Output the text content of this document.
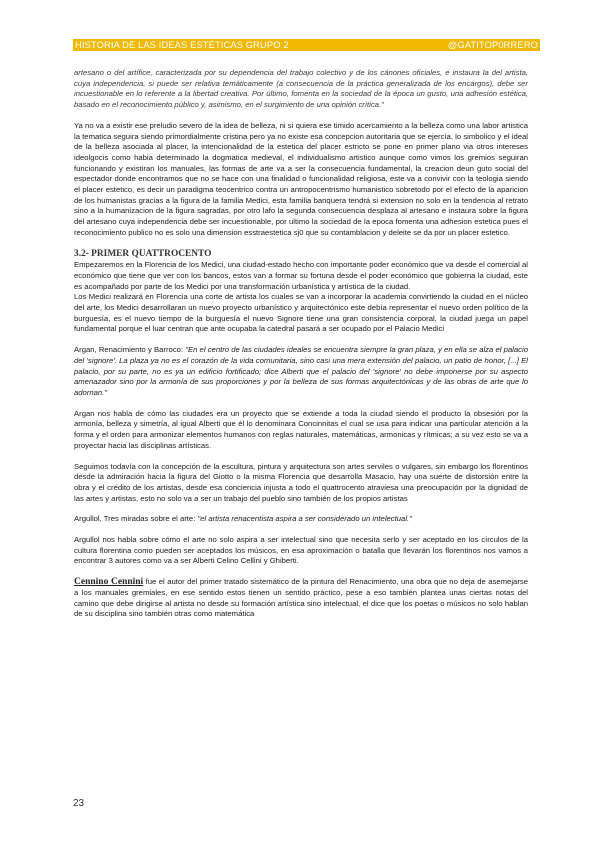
HISTORIA DE LAS IDEAS ESTÉTICAS GRUPO 2	@GATITOP0RRERO

artesano o del artífice, caracterizada por su dependencia del trabajo colectivo y de los cánones oficiales, e instaura la del artista, cuya independencia, si puede ser relativa temáticamente (a consecuencia de la práctica generalizada de los encargos), debe ser incuestionable en lo referente a la libertad creativa. Por último, fomenta en la sociedad de la época un gusto, una adhesión estética, basado en el reconocimiento público y, asimismo, en el surgimiento de una opinión crítica."

Ya no va a existir ese preludio severo de la idea de belleza, ni si quiera ese timido acercamiento a la belleza como una labor artistica la tematica seguira siendo primordialmente cristina pero ya no existe esa concepcion autoritaria que se ejercía, lo simbolico y el ideal de la belleza asociada al placer, la intencionalidad de la estetica del placer estricto se pone en primer plano via otros intereses ideolgocis como habia determinado la dogmatica medieval, el individualismo artistico aunque como vimos los gremios seguiran funcionando y existiran los manuales, las formas de arte va a ser la consecuencia fundamental, la creacion deun guto social del espectador donde encontramos que no se hace con una finalidad o funcionalidad religiosa, este va a convivir con la teologia siendo el placer estetico, es decir un paradigma teocentrico contra un antropocentrismo humanistico sobretodo por el efecto de la aparicion de los humanistas gracias a la figura de la familia Medici, esta familia banquera tendrá si extension no solo en la tendencia al retrato sino a la humanizacion de la figura sagradas, por otro lafo la segunda consecuencia desplaza al artesano e instaura sobre la figura del artesano cuya independencia debe ser incuestionable, por ultimo la sociedad de la epoca fomenta una adhesion estetica pues el reconocimiento publico no es solo una dimension esstraestetica sj0 que su contamblacion y deleite se da por un placer estetico.

3.2- PRIMER QUATTROCENTO

Empezaremos en la Florencia de los Medici, una ciudad-estado hecho con importante poder económico que va desde el comercial al económico que tiene que ver con los bancos, estos van a formar su fortuna desde el poder económico que gobierna la ciudad, este es acompañado por parte de los Medici por una transformación urbanística y artística de la ciudad.

Los Medici realizará en Florencia una corte de artista los cuales se van a incorporar la academia convirtiendo la ciudad en el núcleo del arte, los Medici desarrollaran un nuevo proyecto urbanístico y arquitectónico este debía representar el nuevo orden político de la burguesía, es el nuevo tiempo de la burguesía el nuevo Signore tiene una gran consistencia corporal, la ciudad juega un papel fundamental porque el luar centran que ante ocupaba la catedral pasará a ser ocupado por el Palacio Medici

Argan, Renacimiento y Barroco: "En el centro de las ciudades ideales se encuentra siempre la gran plaza, y en ella se alza el palacio del 'signore'. La plaza ya no es el corazón de la vida comunitaria, sino casi una mera extensión del palacio, un patio de honor, [...] El palacio, por su parte, no es ya un edificio fortificado; dice Alberti que el palacio del 'signore' no debe imponerse por su aspecto amenazador sino por la armonía de sus proporciones y por la belleza de sus formas arquitectónicas y de las obras de arte que lo adornan."

Argan nos habla de cómo las ciudades era un proyecto que se extiende a toda la ciudad siendo el producto la obsesión por la armonía, belleza y simetría, al igual Alberti que él lo denominara Concinnitas el cual se usa para indicar una particular atención a la forma y el orden para armonizar elementos humanos con reglas naturales, matemáticas, armonicas y rítmicas; a su vez esto se va a proyectar hacia las disciplinas artísticas.

Seguimos todavía con la concepción de la escultura, pintura y arquitectura son artes serviles o vulgares, sin embargo los florentinos desde la admiración hacia la figura del Giotto o la misma Florencia que desarrolla Masacio, hay una suerte de distorsión entre la obra y el crédito de los artistas, desde esa conciencia injusta a todo el quattrocento atraviesa una preocupación por la dignidad de las artes y artistas, esto no solo va a ser un trabajo del pueblo sino también de los propios artistas

Argullol, Tres miradas sobre el arte: "el artista renacentista aspira a ser considerado un intelectual."

Argullol nos habla sobre cómo el arte no solo aspira a ser intelectual sino que necesita serlo y ser aceptado en los círculos de la cultura florentina como pueden ser aceptados los músicos, en esa aproximación o batalla que llevarán los florentinos nos vamos a encontrar 3 autores como va a ser Alberti Celino Cellini y Ghiberti.

Cennino Cennini fue el autor del primer tratado sistemático de la pintura del Renacimiento, una obra que no deja de asemejarse a los manuales gremiales, en ese sentido estos tienen un sentido práctico, pese a eso también plantea unas ciertas notas del camino que debe dirigirse al artista no desde su formación artística sino intelectual, el dice que los poetas o músicos no solo hablan de su disciplina sino también otras como matemática

23
